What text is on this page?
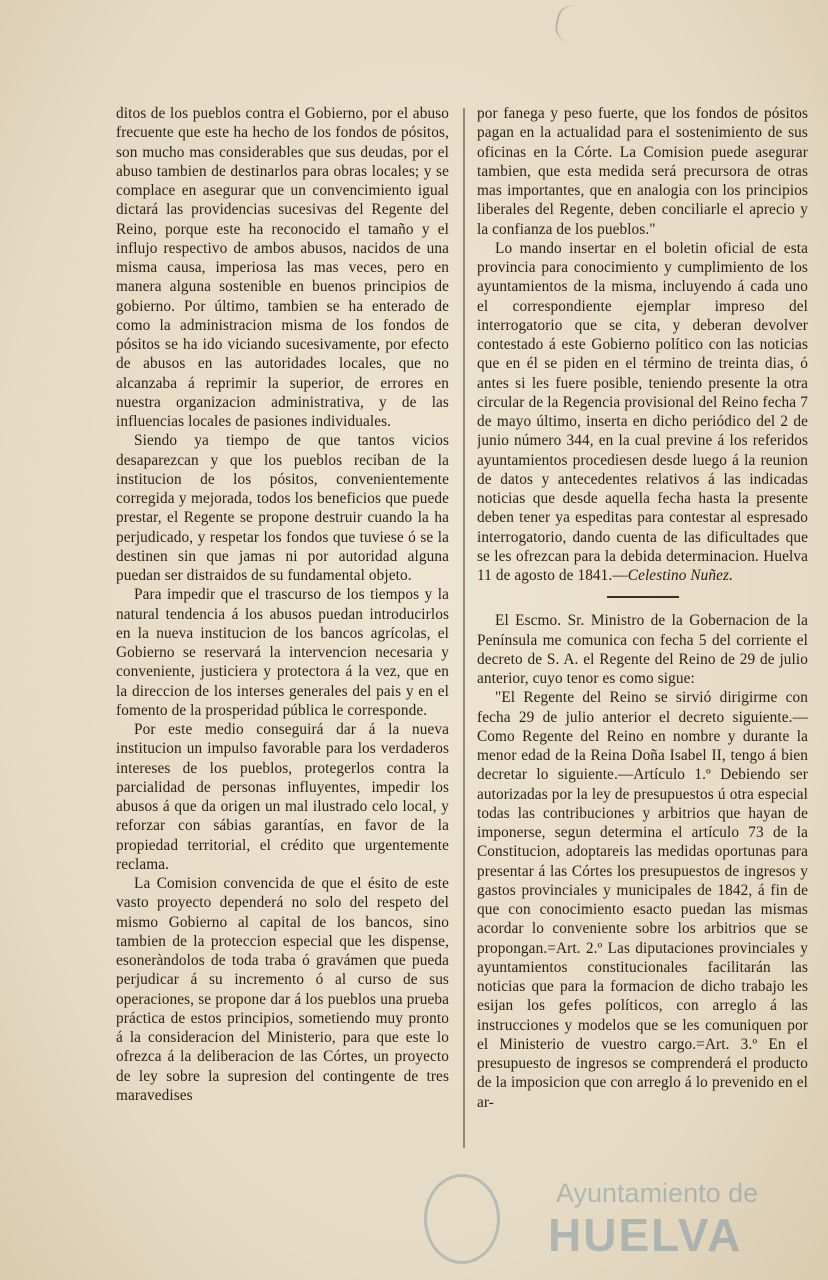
ditos de los pueblos contra el Gobierno, por el abuso frecuente que este ha hecho de los fondos de pósitos, son mucho mas considerables que sus deudas, por el abuso tambien de destinarlos para obras locales; y se complace en asegurar que un convencimiento igual dictará las providencias sucesivas del Regente del Reino, porque este ha reconocido el tamaño y el influjo respectivo de ambos abusos, nacidos de una misma causa, imperiosa las mas veces, pero en manera alguna sostenible en buenos principios de gobierno. Por último, tambien se ha enterado de como la administracion misma de los fondos de pósitos se ha ido viciando sucesivamente, por efecto de abusos en las autoridades locales, que no alcanzaba á reprimir la superior, de errores en nuestra organizacion administrativa, y de las influencias locales de pasiones individuales.

Siendo ya tiempo de que tantos vicios desaparezcan y que los pueblos reciban de la institucion de los pósitos, convenientemente corregida y mejorada, todos los beneficios que puede prestar, el Regente se propone destruir cuando la ha perjudicado, y respetar los fondos que tuviese ó se la destinen sin que jamas ni por autoridad alguna puedan ser distraidos de su fundamental objeto.

Para impedir que el trascurso de los tiempos y la natural tendencia á los abusos puedan introducirlos en la nueva institucion de los bancos agrícolas, el Gobierno se reservará la intervencion necesaria y conveniente, justiciera y protectora á la vez, que en la direccion de los interses generales del pais y en el fomento de la prosperidad pública le corresponde.

Por este medio conseguirá dar á la nueva institucion un impulso favorable para los verdaderos intereses de los pueblos, protegerlos contra la parcialidad de personas influyentes, impedir los abusos á que da origen un mal ilustrado celo local, y reforzar con sábias garantías, en favor de la propiedad territorial, el crédito que urgentemente reclama.

La Comision convencida de que el ésito de este vasto proyecto dependerá no solo del respeto del mismo Gobierno al capital de los bancos, sino tambien de la proteccion especial que les dispense, esoneràndolos de toda traba ó gravámen que pueda perjudicar á su incremento ó al curso de sus operaciones, se propone dar á los pueblos una prueba práctica de estos principios, sometiendo muy pronto á la consideracion del Ministerio, para que este lo ofrezca á la deliberacion de las Córtes, un proyecto de ley sobre la supresion del contingente de tres maravedises

por fanega y peso fuerte, que los fondos de pósitos pagan en la actualidad para el sostenimiento de sus oficinas en la Córte. La Comision puede asegurar tambien, que esta medida será precursora de otras mas importantes, que en analogia con los principios liberales del Regente, deben conciliarle el aprecio y la confianza de los pueblos."

Lo mando insertar en el boletin oficial de esta provincia para conocimiento y cumplimiento de los ayuntamientos de la misma, incluyendo á cada uno el correspondiente ejemplar impreso del interrogatorio que se cita, y deberan devolver contestado á este Gobierno político con las noticias que en él se piden en el término de treinta dias, ó antes si les fuere posible, teniendo presente la otra circular de la Regencia provisional del Reino fecha 7 de mayo último, inserta en dicho periódico del 2 de junio número 344, en la cual previne á los referidos ayuntamientos procediesen desde luego á la reunion de datos y antecedentes relativos á las indicadas noticias que desde aquella fecha hasta la presente deben tener ya espeditas para contestar al espresado interrogatorio, dando cuenta de las dificultades que se les ofrezcan para la debida determinacion. Huelva 11 de agosto de 1841.—Celestino Nuñez.

El Escmo. Sr. Ministro de la Gobernacion de la Península me comunica con fecha 5 del corriente el decreto de S. A. el Regente del Reino de 29 de julio anterior, cuyo tenor es como sigue:

"El Regente del Reino se sirvió dirigirme con fecha 29 de julio anterior el decreto siguiente.—Como Regente del Reino en nombre y durante la menor edad de la Reina Doña Isabel II, tengo á bien decretar lo siguiente.—Artículo 1.º Debiendo ser autorizadas por la ley de presupuestos ú otra especial todas las contribuciones y arbitrios que hayan de imponerse, segun determina el artículo 73 de la Constitucion, adoptareis las medidas oportunas para presentar á las Córtes los presupuestos de ingresos y gastos provinciales y municipales de 1842, á fin de que con conocimiento esacto puedan las mismas acordar lo conveniente sobre los arbitrios que se propongan.=Art. 2.º Las diputaciones provinciales y ayuntamientos constitucionales facilitarán las noticias que para la formacion de dicho trabajo les esijan los gefes políticos, con arreglo á las instrucciones y modelos que se les comuniquen por el Ministerio de vuestro cargo.=Art. 3.º En el presupuesto de ingresos se comprenderá el producto de la imposicion que con arreglo á lo prevenido en el ar-

Ayuntamiento de
HUELVA
